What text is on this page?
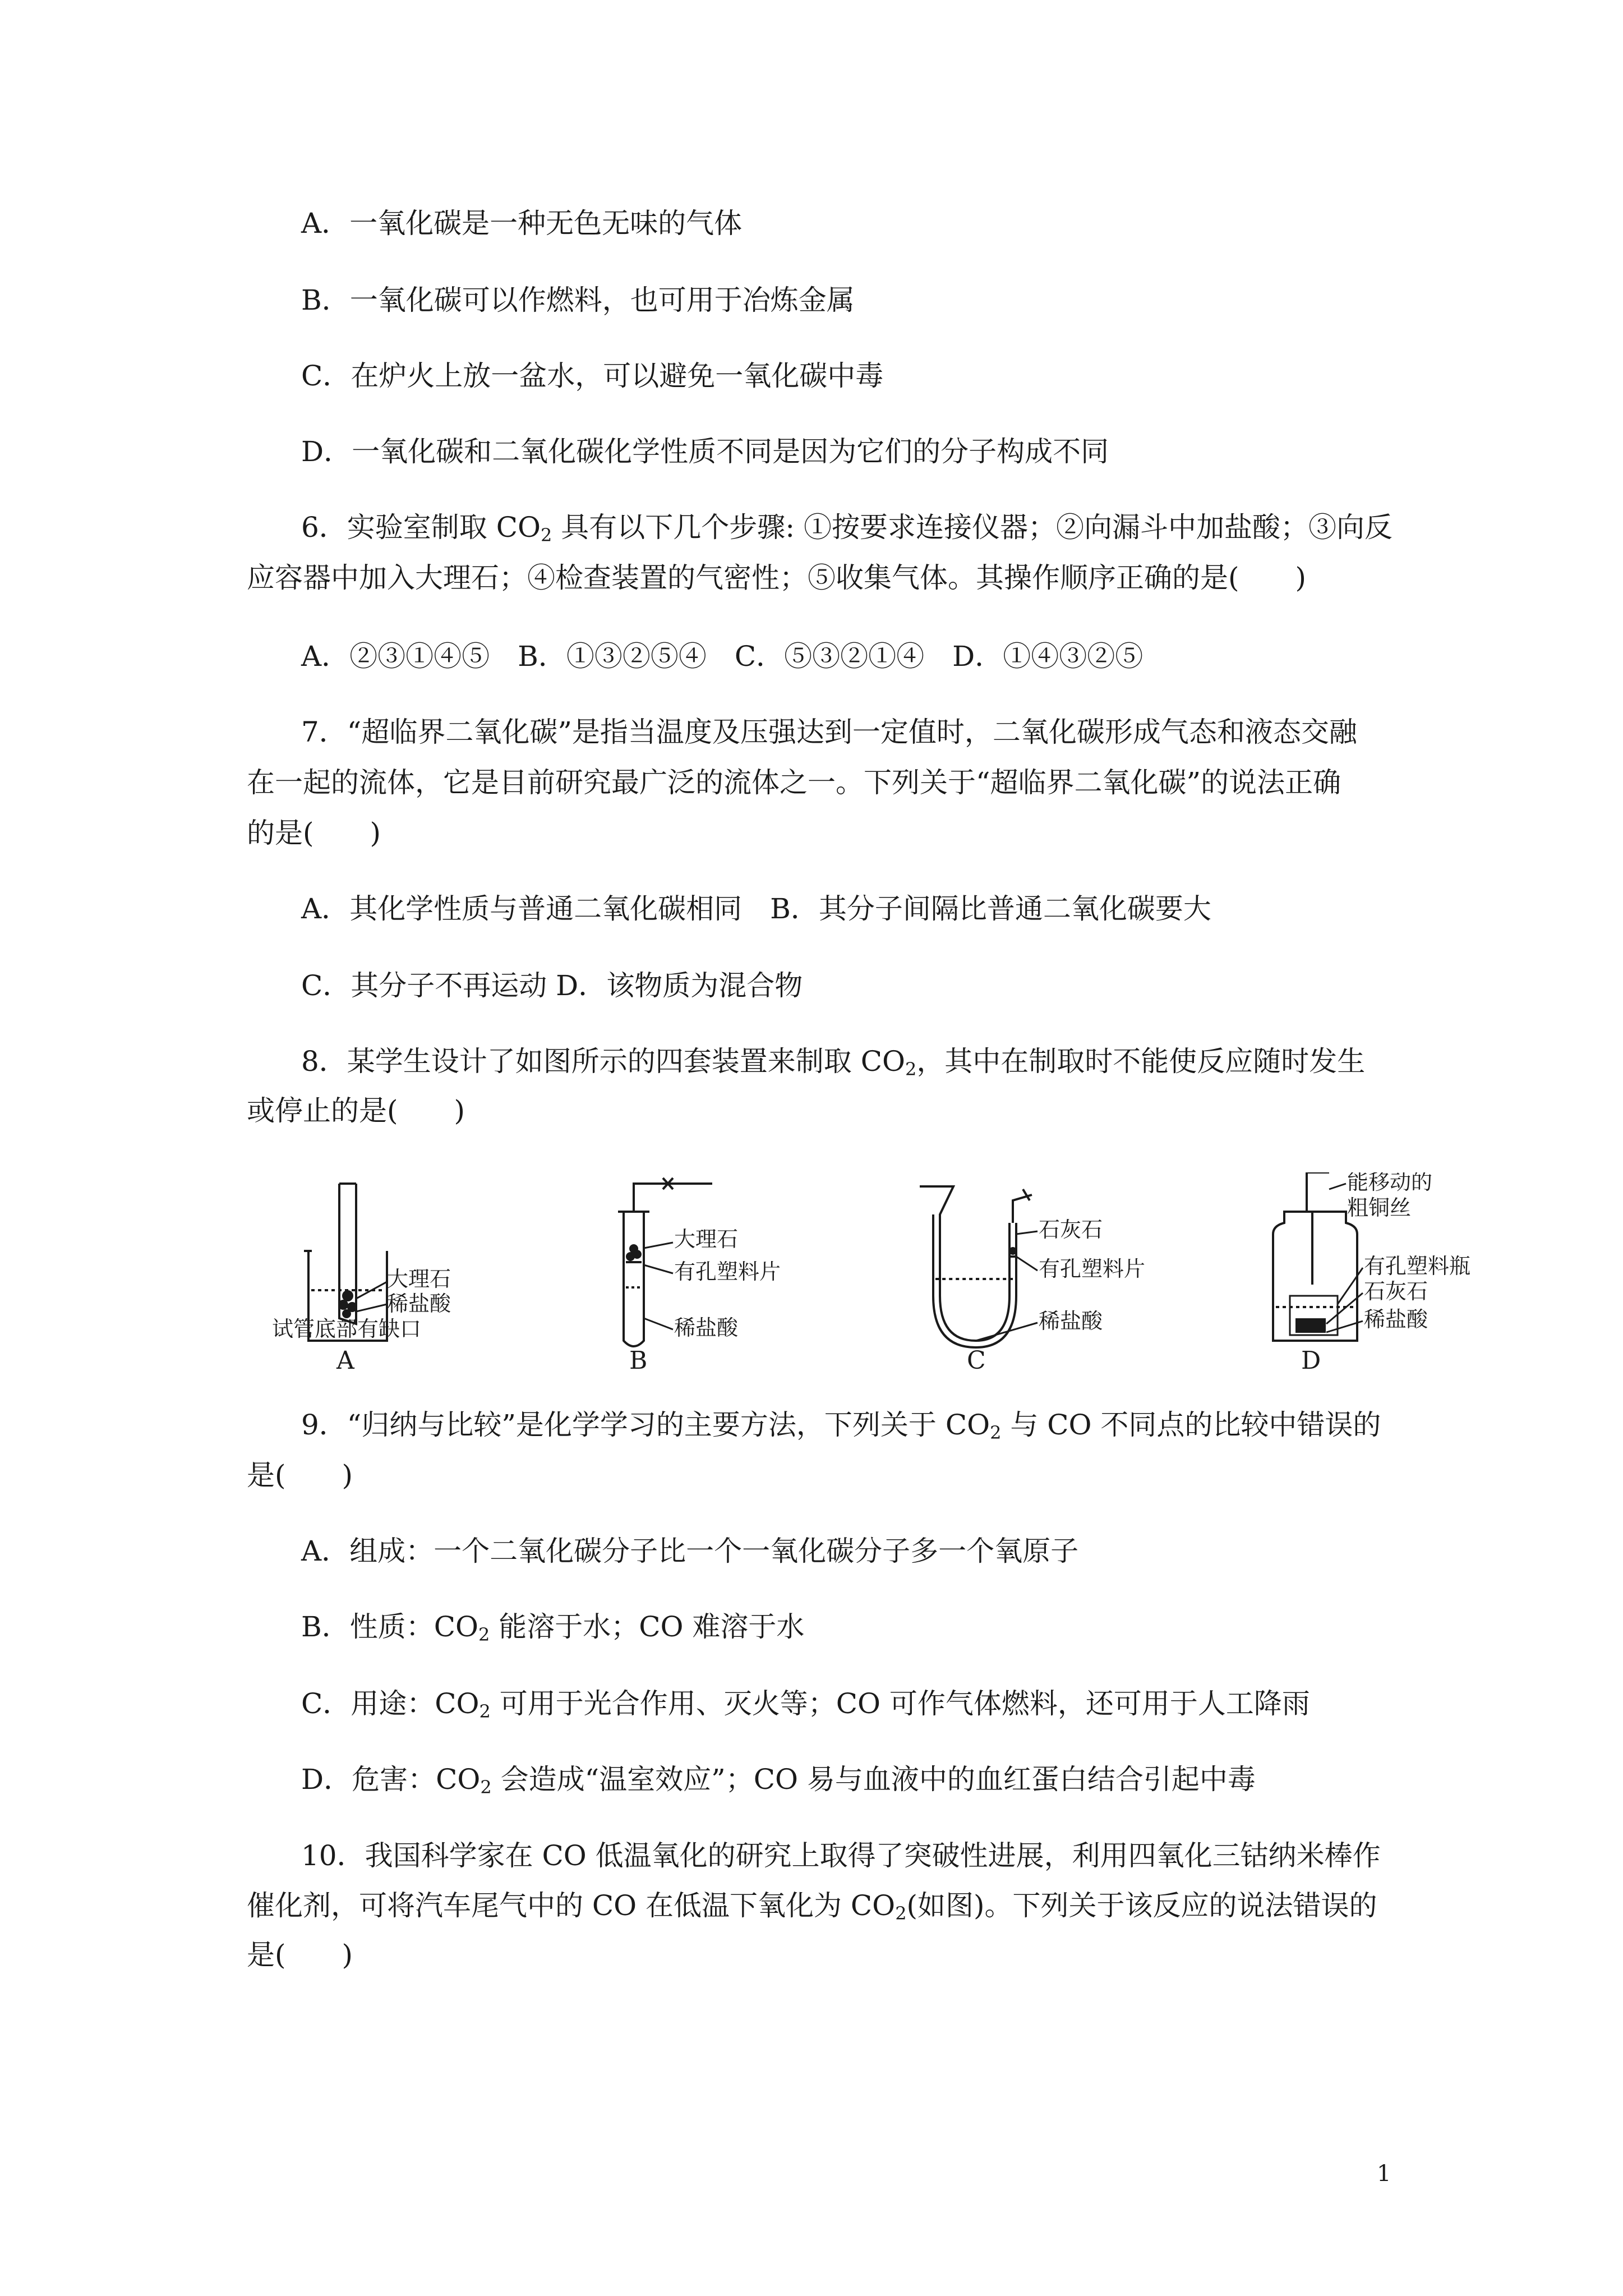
A．一氧化碳是一种无色无味的气体
B．一氧化碳可以作燃料，也可用于冶炼金属
C．在炉火上放一盆水，可以避免一氧化碳中毒
D．一氧化碳和二氧化碳化学性质不同是因为它们的分子构成不同
6．实验室制取 $CO_2$ 具有以下几个步骤: ①按要求连接仪器；②向漏斗中加盐酸；③向反
应容器中加入大理石；④检查装置的气密性；⑤收集气体。其操作顺序正确的是(　　)
A．②③①④⑤　B．①③②⑤④　C．⑤③②①④　D．①④③②⑤
7．“超临界二氧化碳”是指当温度及压强达到一定值时，二氧化碳形成气态和液态交融
在一起的流体，它是目前研究最广泛的流体之一。下列关于“超临界二氧化碳”的说法正确
的是(　　)
A．其化学性质与普通二氧化碳相同　B．其分子间隔比普通二氧化碳要大
C．其分子不再运动 D．该物质为混合物
8．某学生设计了如图所示的四套装置来制取 $CO_2$，其中在制取时不能使反应随时发生
或停止的是(　　)
大理石
稀盐酸
试管底部有缺口
A
大理石
有孔塑料片
稀盐酸
B
石灰石
有孔塑料片
稀盐酸
C
能移动的
粗铜丝
有孔塑料瓶
石灰石
稀盐酸
D
9．“归纳与比较”是化学学习的主要方法，下列关于 $CO_2$ 与 CO 不同点的比较中错误的
是(　　)
A．组成：一个二氧化碳分子比一个一氧化碳分子多一个氧原子
B．性质：$CO_2$ 能溶于水；CO 难溶于水
C．用途：$CO_2$ 可用于光合作用、灭火等；CO 可作气体燃料，还可用于人工降雨
D．危害：$CO_2$ 会造成“温室效应”；CO 易与血液中的血红蛋白结合引起中毒
10．我国科学家在 CO 低温氧化的研究上取得了突破性进展，利用四氧化三钴纳米棒作
催化剂，可将汽车尾气中的 CO 在低温下氧化为 $CO_2$(如图)。下列关于该反应的说法错误的
是(　　)
1
